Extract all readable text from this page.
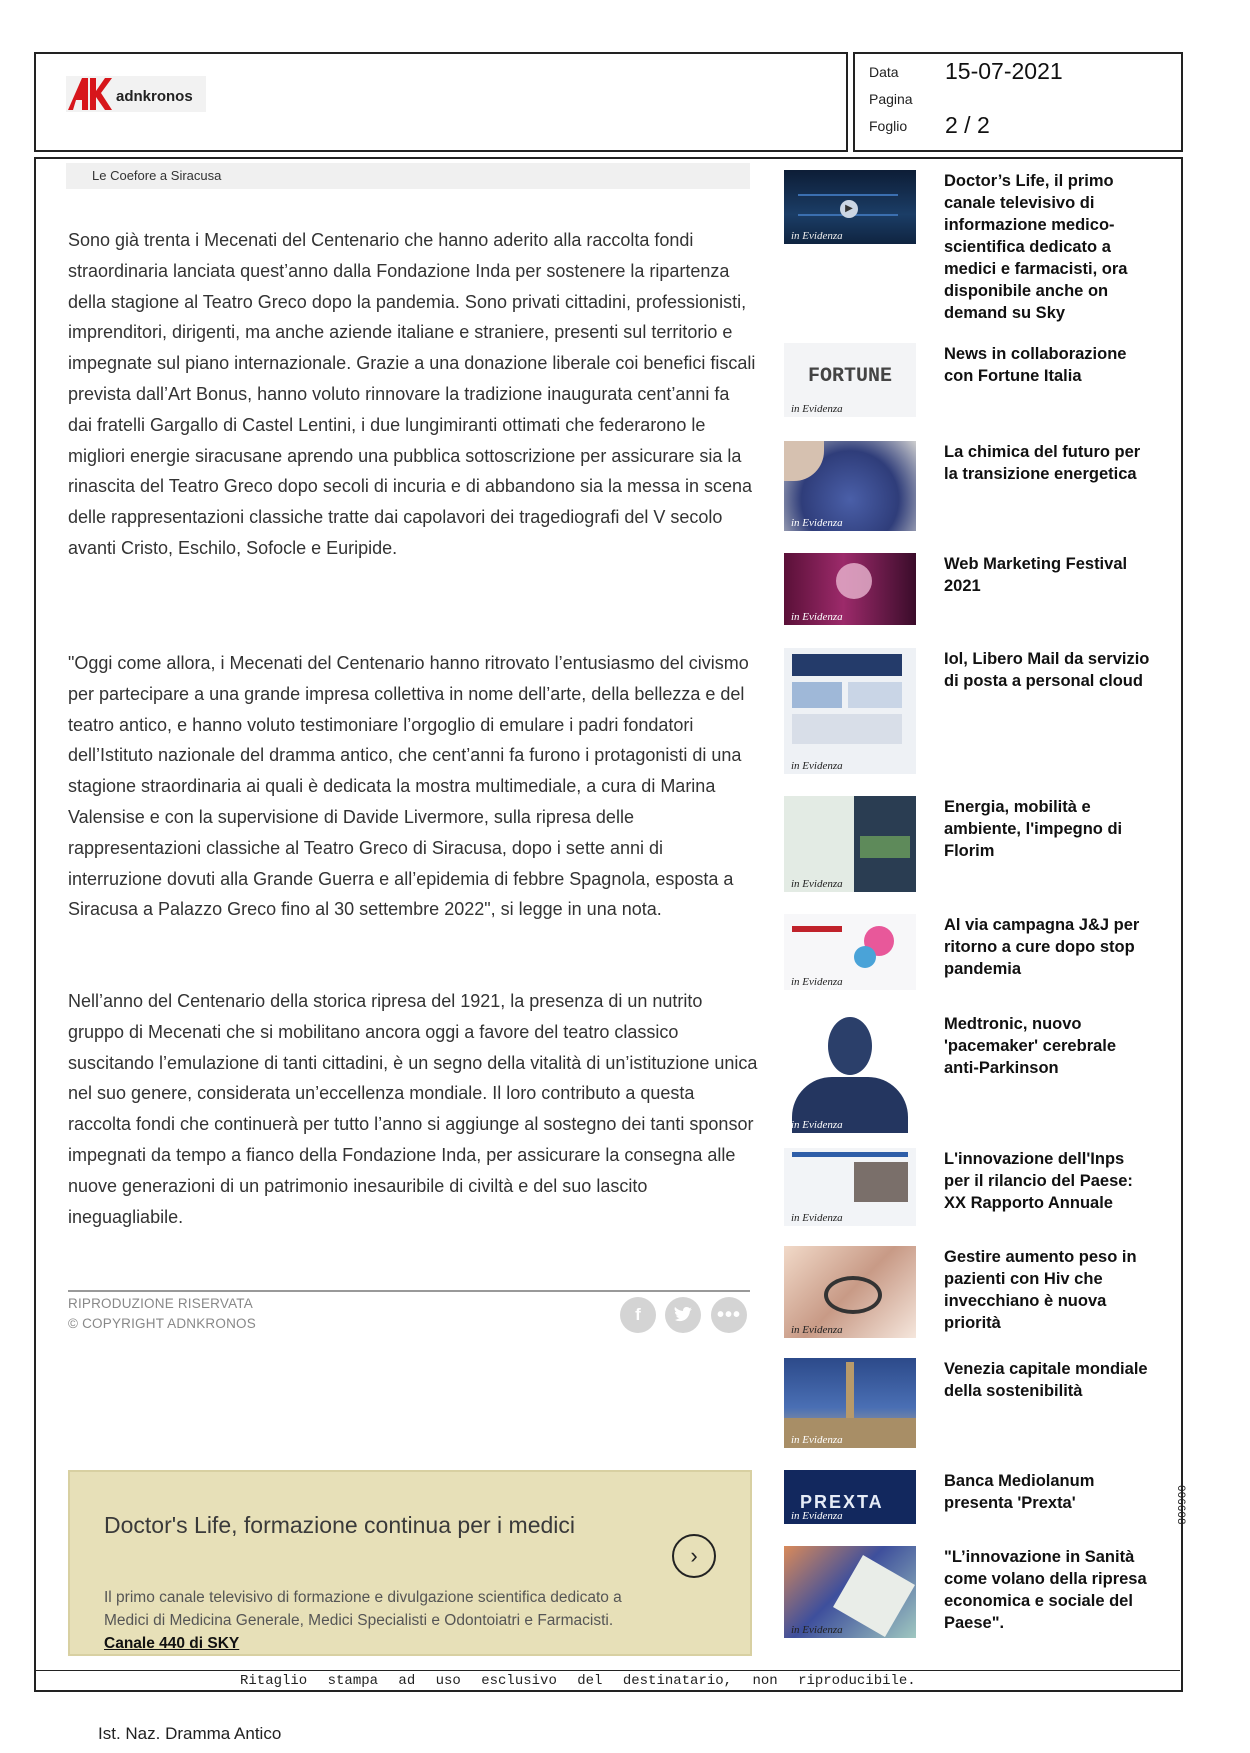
adnkronos
Data 15-07-2021
Pagina
Foglio 2 / 2
Le Coefore a Siracusa

Sono già trenta i Mecenati del Centenario che hanno aderito alla raccolta fondi straordinaria lanciata quest’anno dalla Fondazione Inda per sostenere la ripartenza della stagione al Teatro Greco dopo la pandemia. Sono privati cittadini, professionisti, imprenditori, dirigenti, ma anche aziende italiane e straniere, presenti sul territorio e impegnate sul piano internazionale. Grazie a una donazione liberale coi benefici fiscali prevista dall’Art Bonus, hanno voluto rinnovare la tradizione inaugurata cent’anni fa dai fratelli Gargallo di Castel Lentini, i due lungimiranti ottimati che federarono le migliori energie siracusane aprendo una pubblica sottoscrizione per assicurare sia la rinascita del Teatro Greco dopo secoli di incuria e di abbandono sia la messa in scena delle rappresentazioni classiche tratte dai capolavori dei tragediografi del V secolo avanti Cristo, Eschilo, Sofocle e Euripide.

"Oggi come allora, i Mecenati del Centenario hanno ritrovato l’entusiasmo del civismo per partecipare a una grande impresa collettiva in nome dell’arte, della bellezza e del teatro antico, e hanno voluto testimoniare l’orgoglio di emulare i padri fondatori dell’Istituto nazionale del dramma antico, che cent’anni fa furono i protagonisti di una stagione straordinaria ai quali è dedicata la mostra multimediale, a cura di Marina Valensise e con la supervisione di Davide Livermore, sulla ripresa delle rappresentazioni classiche al Teatro Greco di Siracusa, dopo i sette anni di interruzione dovuti alla Grande Guerra e all’epidemia di febbre Spagnola, esposta a Siracusa a Palazzo Greco fino al 30 settembre 2022", si legge in una nota.

Nell’anno del Centenario della storica ripresa del 1921, la presenza di un nutrito gruppo di Mecenati che si mobilitano ancora oggi a favore del teatro classico suscitando l’emulazione di tanti cittadini, è un segno della vitalità di un’istituzione unica nel suo genere, considerata un’eccellenza mondiale. Il loro contributo a questa raccolta fondi che continuerà per tutto l’anno si aggiunge al sostegno dei tanti sponsor impegnati da tempo a fianco della Fondazione Inda, per assicurare la consegna alle nuove generazioni di un patrimonio inesauribile di civiltà e del suo lascito ineguagliabile.

RIPRODUZIONE RISERVATA
© COPYRIGHT ADNKRONOS	f	•••
Doctor's Life, formazione continua per i medici
Il primo canale televisivo di formazione e divulgazione scientifica dedicato a Medici di Medicina Generale, Medici Specialisti e Odontoiatri e Farmacisti. Canale 440 di SKY
›
▶
in Evidenza
Doctor’s Life, il primo canale televisivo di informazione medico-scientifica dedicato a medici e farmacisti, ora disponibile anche on demand su Sky
FORTUNE
in Evidenza
News in collaborazione con Fortune Italia
in Evidenza
La chimica del futuro per la transizione energetica
in Evidenza
Web Marketing Festival 2021
in Evidenza
Iol, Libero Mail da servizio di posta a personal cloud
in Evidenza
Energia, mobilità e ambiente, l'impegno di Florim
in Evidenza
Al via campagna J&J per ritorno a cure dopo stop pandemia
in Evidenza
Medtronic, nuovo 'pacemaker' cerebrale anti-Parkinson
in Evidenza
L'innovazione dell'Inps per il rilancio del Paese: XX Rapporto Annuale
in Evidenza
Gestire aumento peso in pazienti con Hiv che invecchiano è nuova priorità
in Evidenza
Venezia capitale mondiale della sostenibilità
PREXTA
in Evidenza
Banca Mediolanum presenta 'Prexta'
in Evidenza
"L’innovazione in Sanità come volano della ripresa economica e sociale del Paese".
Ritaglio stampa ad uso esclusivo del destinatario, non riproducibile.
006608
Ist. Naz. Dramma Antico
